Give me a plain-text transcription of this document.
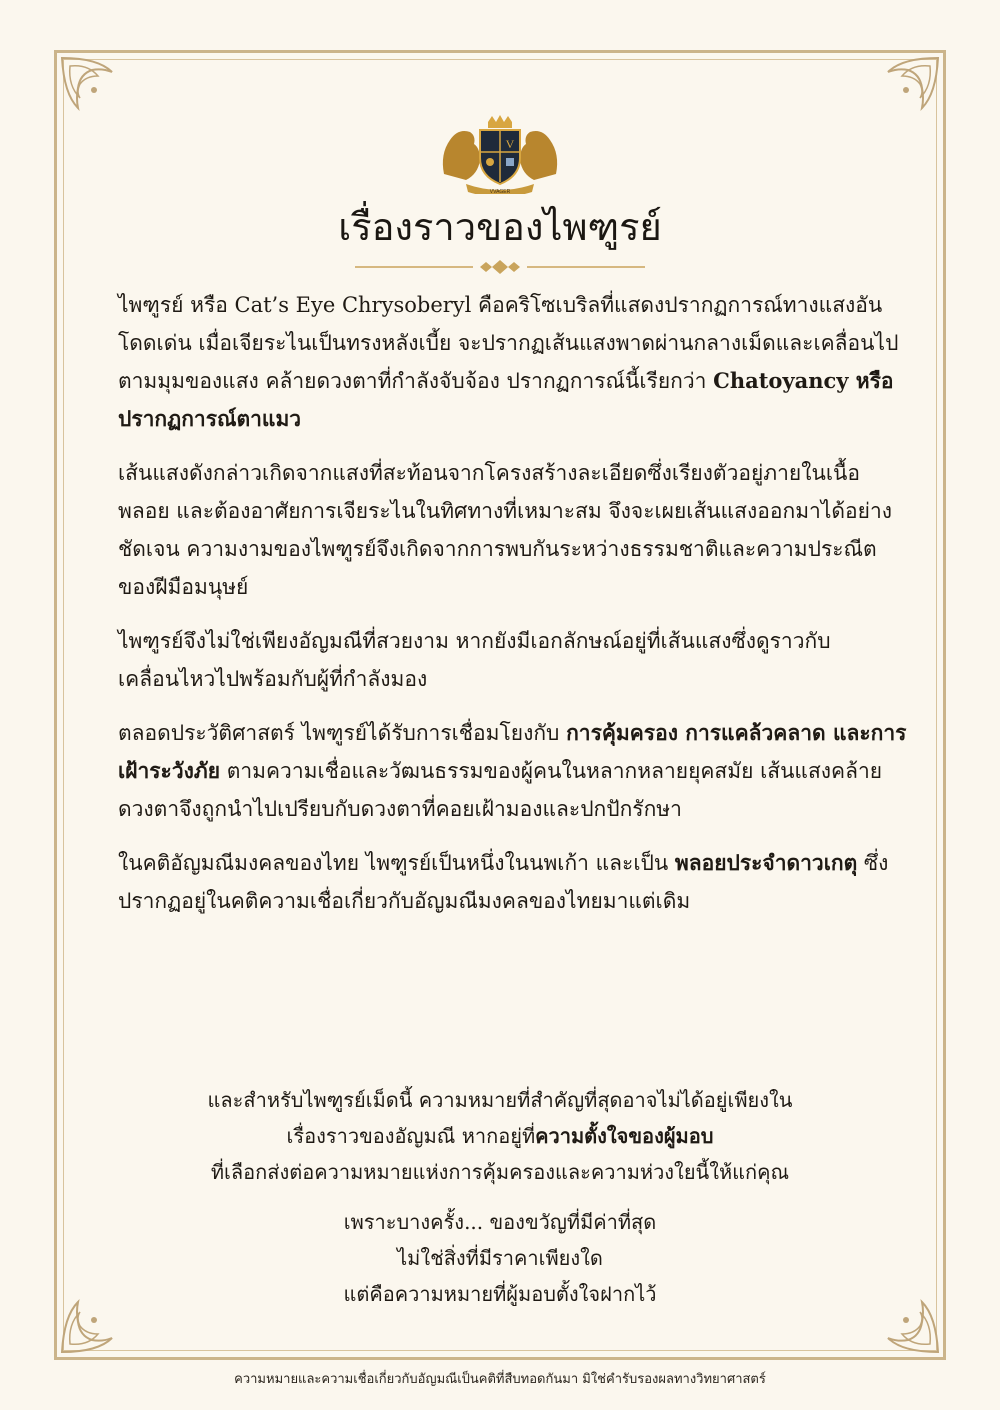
V
VVAGER
เรื่องราวของไพฑูรย์

ไพฑูรย์ หรือ Cat’s Eye Chrysoberyl คือคริโซเบริลที่แสดงปรากฏการณ์ทางแสงอันโดดเด่น เมื่อเจียระไนเป็นทรงหลังเบี้ย จะปรากฏเส้นแสงพาดผ่านกลางเม็ดและเคลื่อนไปตามมุมของแสง คล้ายดวงตาที่กำลังจับจ้อง ปรากฏการณ์นี้เรียกว่า Chatoyancy หรือปรากฏการณ์ตาแมว

เส้นแสงดังกล่าวเกิดจากแสงที่สะท้อนจากโครงสร้างละเอียดซึ่งเรียงตัวอยู่ภายในเนื้อพลอย และต้องอาศัยการเจียระไนในทิศทางที่เหมาะสม จึงจะเผยเส้นแสงออกมาได้อย่างชัดเจน ความงามของไพฑูรย์จึงเกิดจากการพบกันระหว่างธรรมชาติและความประณีตของฝีมือมนุษย์

ไพฑูรย์จึงไม่ใช่เพียงอัญมณีที่สวยงาม หากยังมีเอกลักษณ์อยู่ที่เส้นแสงซึ่งดูราวกับเคลื่อนไหวไปพร้อมกับผู้ที่กำลังมอง

ตลอดประวัติศาสตร์ ไพฑูรย์ได้รับการเชื่อมโยงกับ การคุ้มครอง การแคล้วคลาด และการเฝ้าระวังภัย ตามความเชื่อและวัฒนธรรมของผู้คนในหลากหลายยุคสมัย เส้นแสงคล้ายดวงตาจึงถูกนำไปเปรียบกับดวงตาที่คอยเฝ้ามองและปกปักรักษา

ในคติอัญมณีมงคลของไทย ไพฑูรย์เป็นหนึ่งในนพเก้า และเป็น พลอยประจำดาวเกตุ ซึ่งปรากฏอยู่ในคติความเชื่อเกี่ยวกับอัญมณีมงคลของไทยมาแต่เดิม

และสำหรับไพฑูรย์เม็ดนี้ ความหมายที่สำคัญที่สุดอาจไม่ได้อยู่เพียงใน

เรื่องราวของอัญมณี หากอยู่ที่ความตั้งใจของผู้มอบ

ที่เลือกส่งต่อความหมายแห่งการคุ้มครองและความห่วงใยนี้ให้แก่คุณ

เพราะบางครั้ง... ของขวัญที่มีค่าที่สุด

ไม่ใช่สิ่งที่มีราคาเพียงใด

แต่คือความหมายที่ผู้มอบตั้งใจฝากไว้

ความหมายและความเชื่อเกี่ยวกับอัญมณีเป็นคติที่สืบทอดกันมา มิใช่คำรับรองผลทางวิทยาศาสตร์
